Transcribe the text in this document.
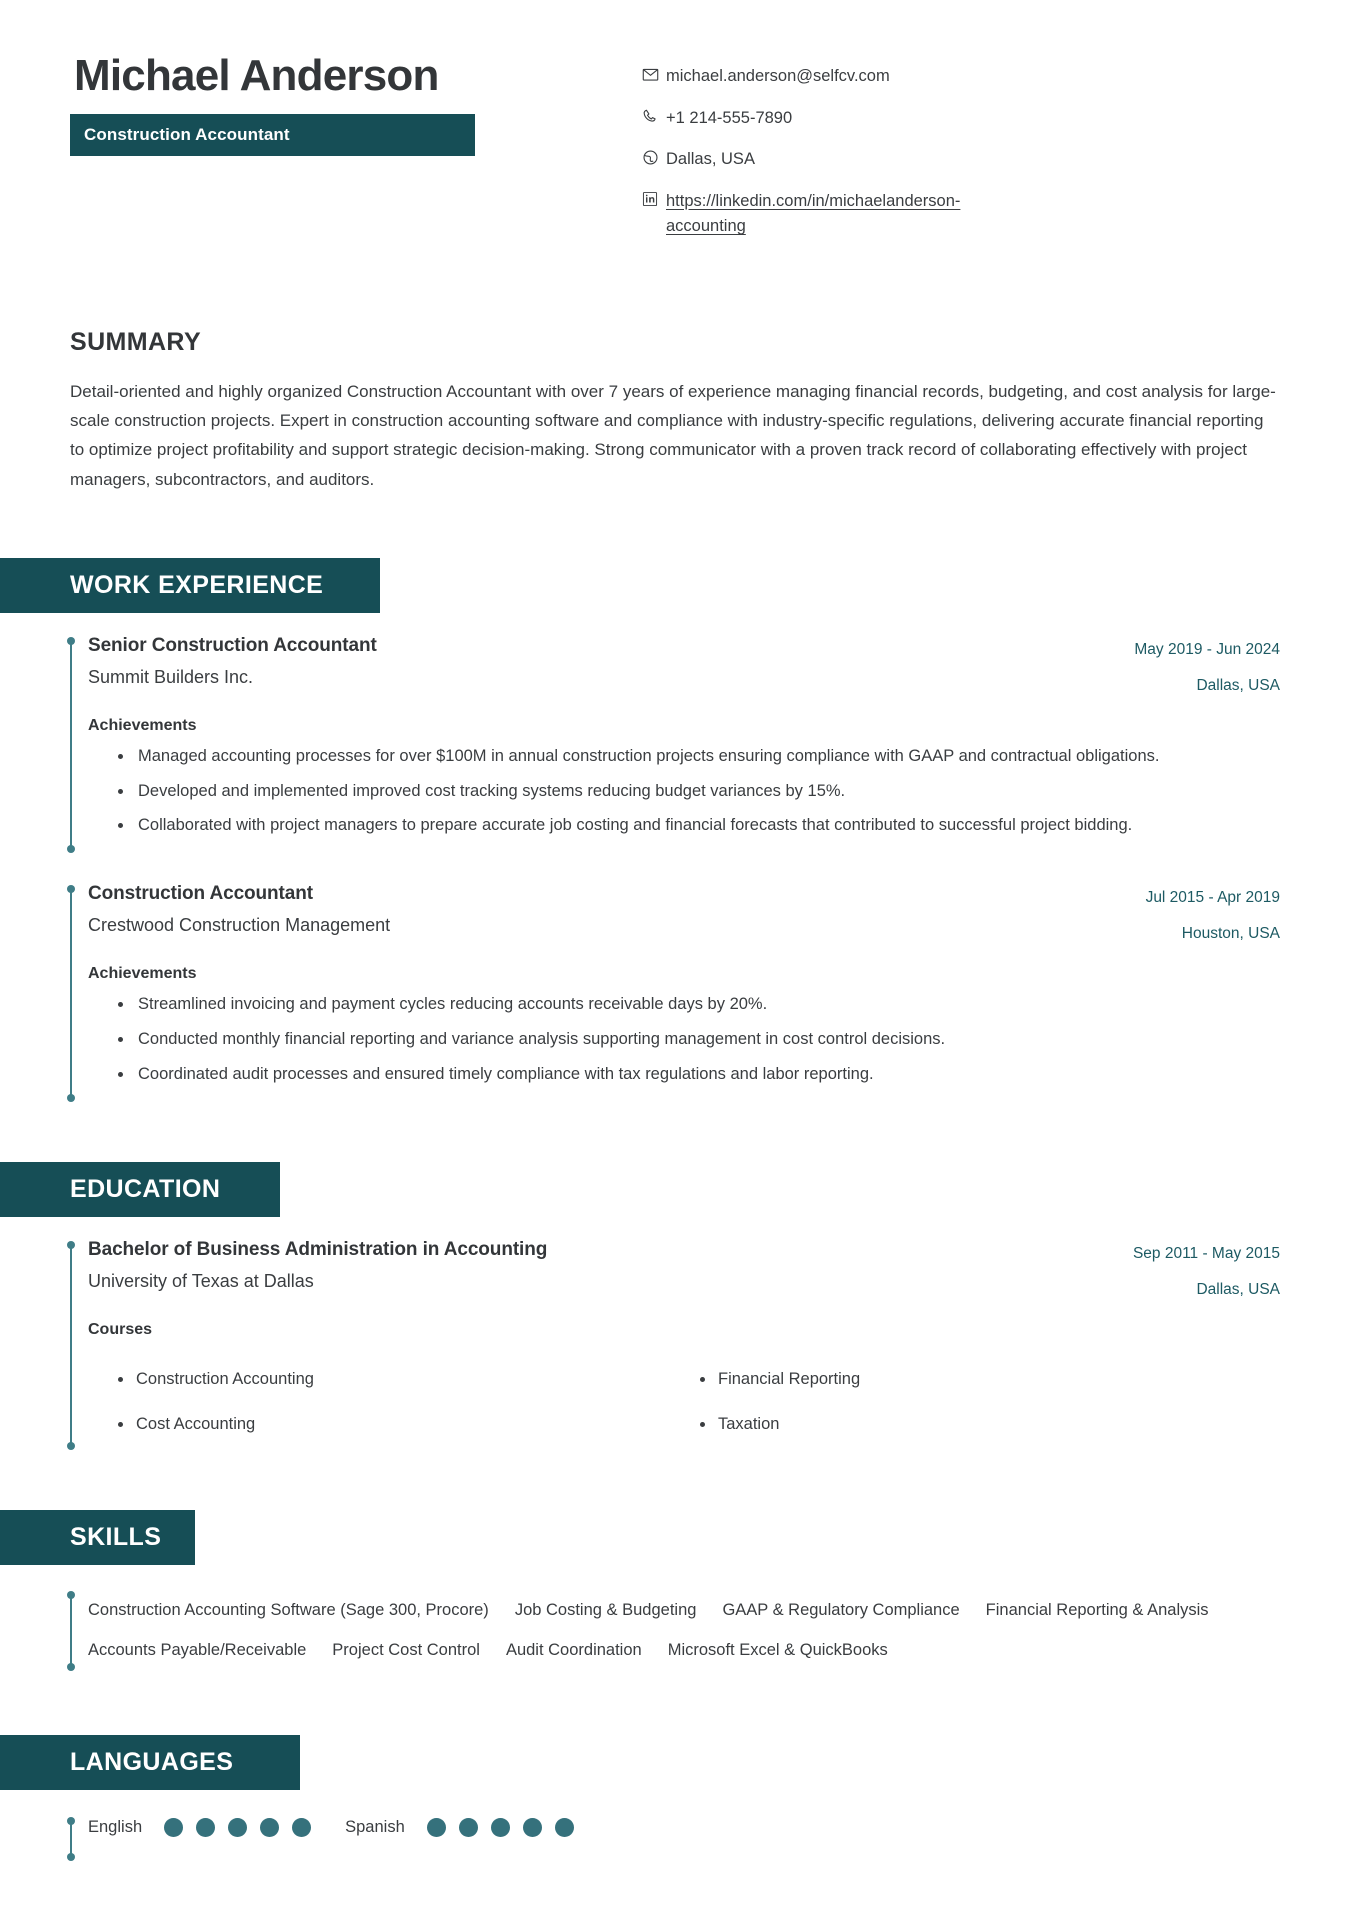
Michael Anderson
Construction Accountant
michael.anderson@selfcv.com
+1 214-555-7890
Dallas, USA
https://linkedin.com/in/michaelanderson-accounting
SUMMARY
Detail-oriented and highly organized Construction Accountant with over 7 years of experience managing financial records, budgeting, and cost analysis for large-scale construction projects. Expert in construction accounting software and compliance with industry-specific regulations, delivering accurate financial reporting to optimize project profitability and support strategic decision-making. Strong communicator with a proven track record of collaborating effectively with project managers, subcontractors, and auditors.
WORK EXPERIENCE
Senior Construction Accountant
Summit Builders Inc.
May 2019 - Jun 2024
Dallas, USA
Achievements
Managed accounting processes for over $100M in annual construction projects ensuring compliance with GAAP and contractual obligations.
Developed and implemented improved cost tracking systems reducing budget variances by 15%.
Collaborated with project managers to prepare accurate job costing and financial forecasts that contributed to successful project bidding.
Construction Accountant
Crestwood Construction Management
Jul 2015 - Apr 2019
Houston, USA
Achievements
Streamlined invoicing and payment cycles reducing accounts receivable days by 20%.
Conducted monthly financial reporting and variance analysis supporting management in cost control decisions.
Coordinated audit processes and ensured timely compliance with tax regulations and labor reporting.
EDUCATION
Bachelor of Business Administration in Accounting
University of Texas at Dallas
Sep 2011 - May 2015
Dallas, USA
Courses
Construction Accounting	Financial Reporting
Cost Accounting	Taxation
SKILLS
Construction Accounting Software (Sage 300, Procore) Job Costing & Budgeting GAAP & Regulatory Compliance Financial Reporting & Analysis
Accounts Payable/Receivable Project Cost Control Audit Coordination Microsoft Excel & QuickBooks
LANGUAGES
English	Spanish
